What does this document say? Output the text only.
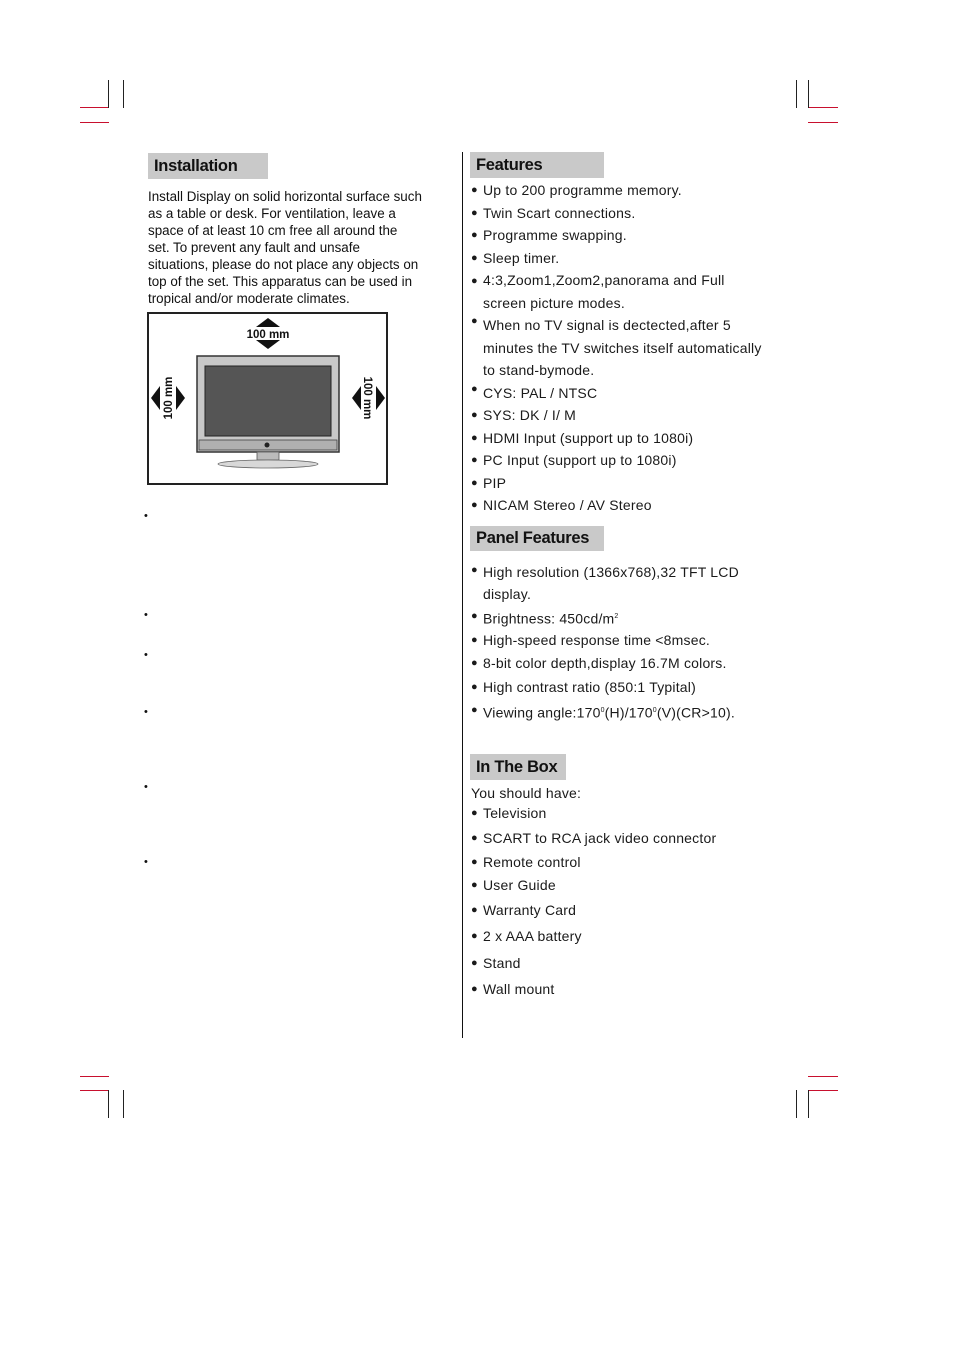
Installation
Install Display on solid horizontal surface such
as a table or desk. For ventilation, leave a
space of at least 10 cm free all around the
set. To prevent any fault and unsafe
situations, please do not place any objects on
top of the set. This apparatus can be used in
tropical and/or moderate climates.
100 mm
100 mm	100 mm
•
•
•
•
•
•
Features
● Up to 200 programme memory.
● Twin Scart connections.
● Programme swapping.
● Sleep timer.
● 4:3,Zoom1,Zoom2,panorama and Full
screen picture modes.
● When no TV signal is dectected,after 5
minutes the TV switches itself automatically
to stand-bymode.
● CYS: PAL / NTSC
● SYS: DK / I/ M
● HDMI Input (support up to 1080i)
● PC Input (support up to 1080i)
● PIP
● NICAM Stereo / AV Stereo
Panel Features
● High resolution (1366x768),32 TFT LCD
display.
● Brightness: $450cd/m^2$
● High-speed response time <8msec.
● 8-bit color depth,display 16.7M colors.
● High contrast ratio (850:1 Typital)
● Viewing $angle:170^0(H)/170^0(V)(CR>10)$.
In The Box
You should have:
● Television
● SCART to RCA jack video connector
● Remote control
● User Guide
● Warranty Card
● 2 x AAA battery
● Stand
● Wall mount
